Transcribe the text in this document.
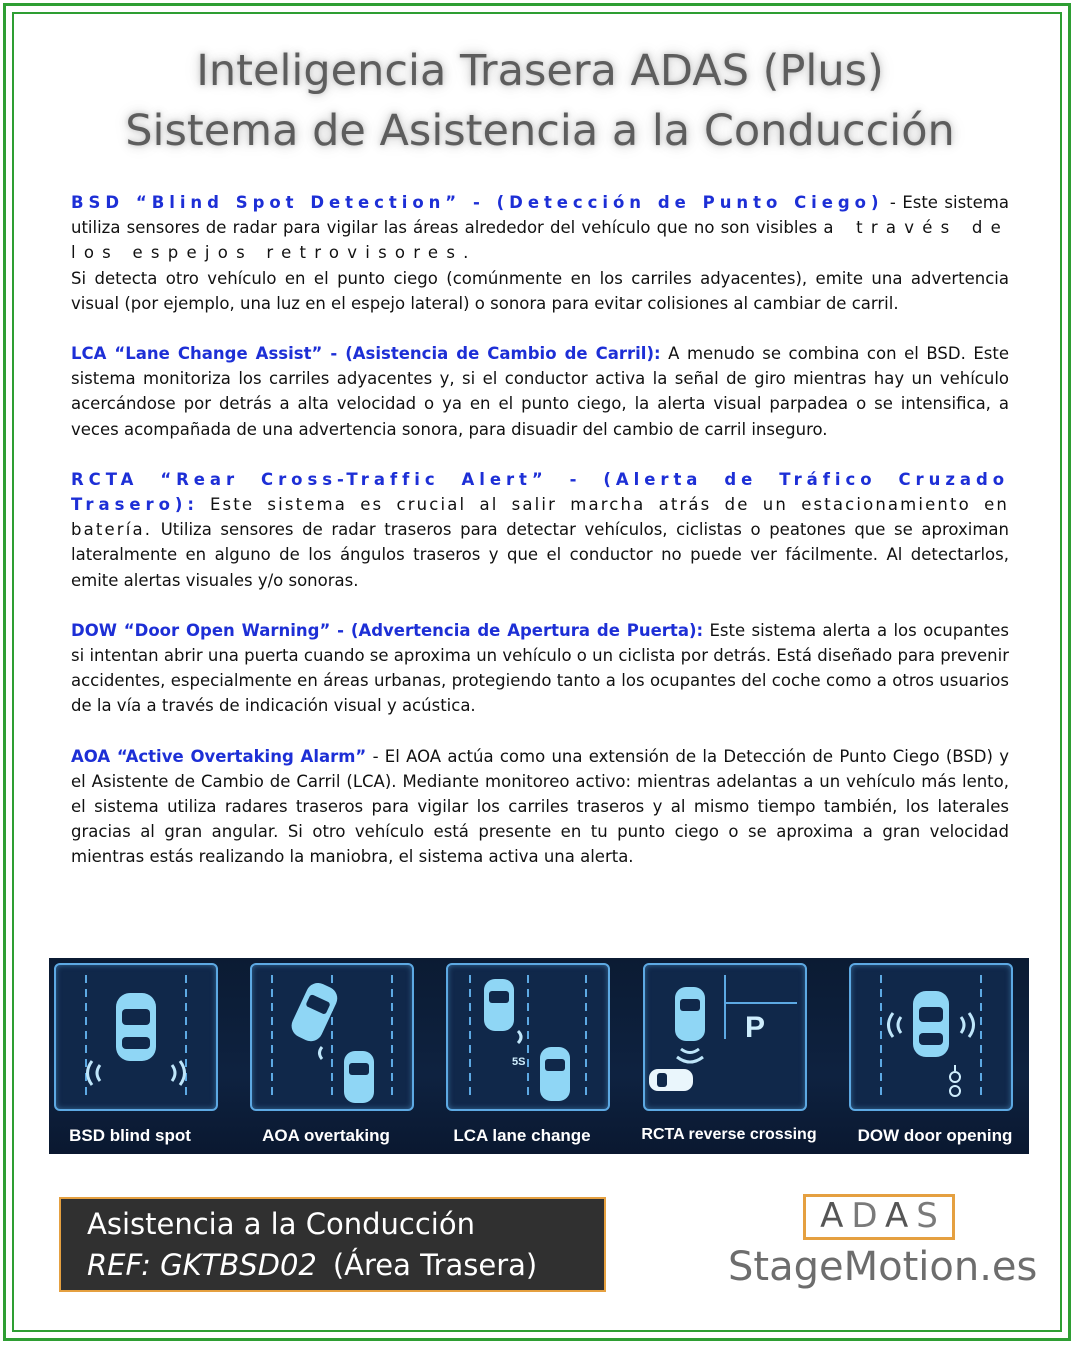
Inteligencia Trasera ADAS (Plus)
Sistema de Asistencia a la Conducción

BSD “Blind Spot Detection” - (Detección de Punto Ciego) - Este sistema utiliza sensores de radar para vigilar las áreas alrededor del vehículo que no son visibles a través de los espejos retrovisores.
Si detecta otro vehículo en el punto ciego (comúnmente en los carriles adyacentes), emite una advertencia visual (por ejemplo, una luz en el espejo lateral) o sonora para evitar colisiones al cambiar de carril.

LCA “Lane Change Assist” - (Asistencia de Cambio de Carril): A menudo se combina con el BSD. Este sistema monitoriza los carriles adyacentes y, si el conductor activa la señal de giro mientras hay un vehículo acercándose por detrás a alta velocidad o ya en el punto ciego, la alerta visual parpadea o se intensifica, a veces acompañada de una advertencia sonora, para disuadir del cambio de carril inseguro.

RCTA “Rear Cross-Traffic Alert” - (Alerta de Tráfico Cruzado Trasero): Este sistema es crucial al salir marcha atrás de un estacionamiento en batería. Utiliza sensores de radar traseros para detectar vehículos, ciclistas o peatones que se aproximan lateralmente en alguno de los ángulos traseros y que el conductor no puede ver fácilmente. Al detectarlos, emite alertas visuales y/o sonoras.

DOW “Door Open Warning” - (Advertencia de Apertura de Puerta): Este sistema alerta a los ocupantes si intentan abrir una puerta cuando se aproxima un vehículo o un ciclista por detrás. Está diseñado para prevenir accidentes, especialmente en áreas urbanas, protegiendo tanto a los ocupantes del coche como a otros usuarios de la vía a través de indicación visual y acústica.

AOA “Active Overtaking Alarm” - El AOA actúa como una extensión de la Detección de Punto Ciego (BSD) y el Asistente de Cambio de Carril (LCA). Mediante monitoreo activo: mientras adelantas a un vehículo más lento, el sistema utiliza radares traseros para vigilar los carriles traseros y al mismo tiempo también, los laterales gracias al gran angular. Si otro vehículo está presente en tu punto ciego o se aproxima a gran velocidad mientras estás realizando la maniobra, el sistema activa una alerta.

BSD blind spot	AOA overtaking
5S
LCA lane change
P
RCTA reverse crossing	DOW door opening
Asistencia a la Conducción
REF: GKTBSD02 (Área Trasera)
ADAS
StageMotion.es
